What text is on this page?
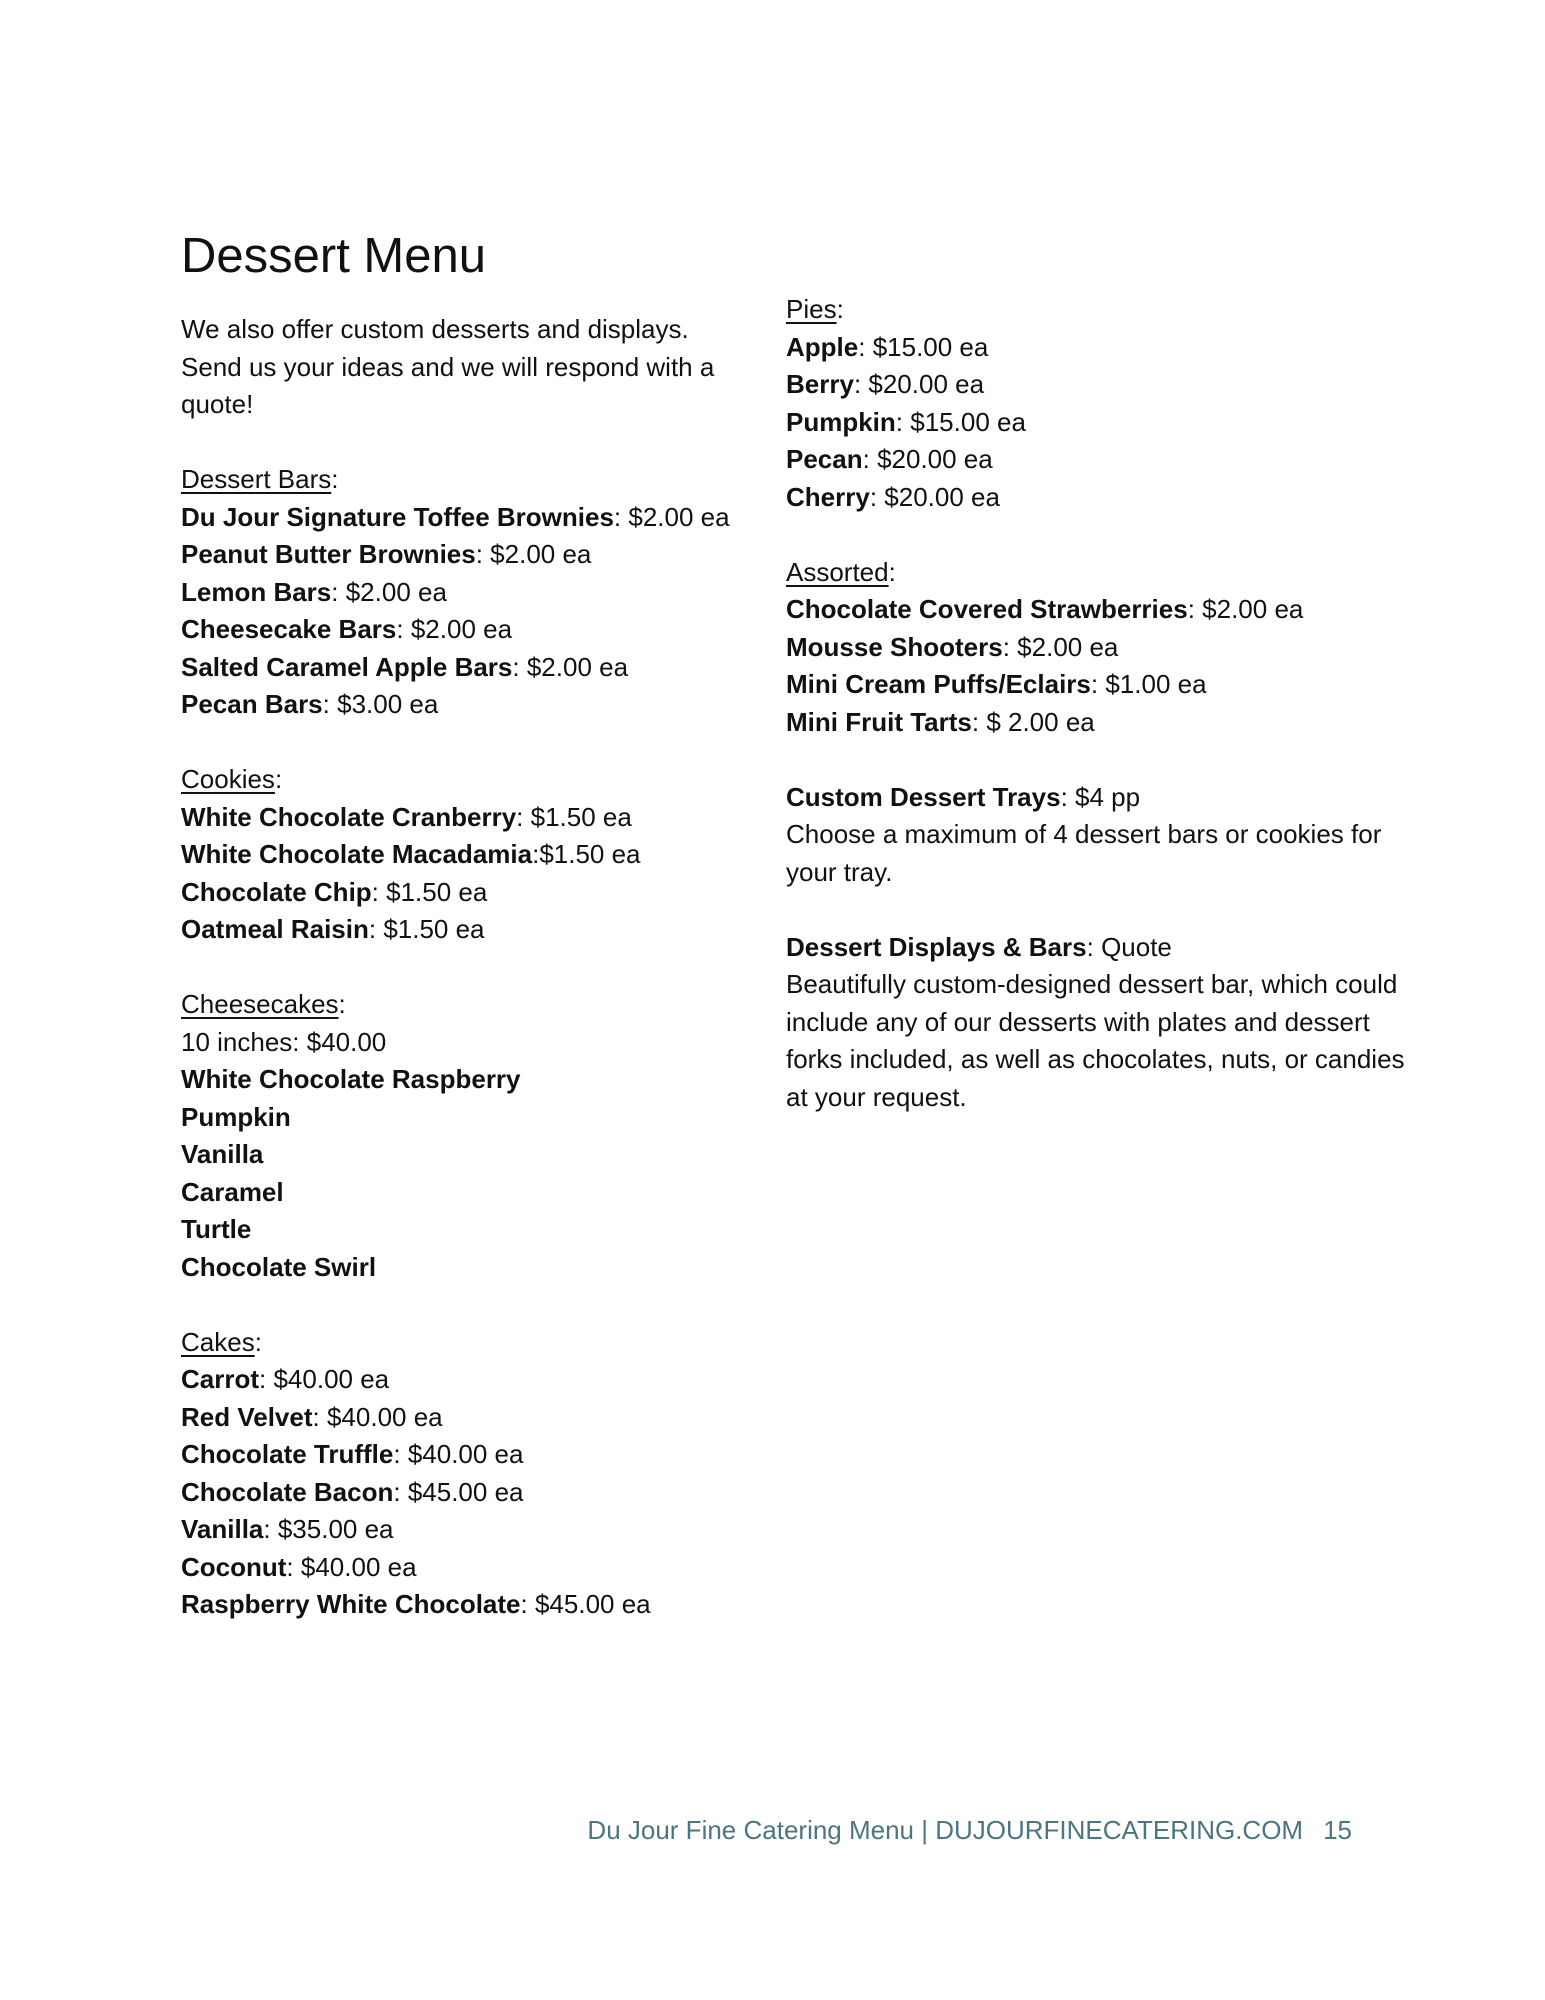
Dessert Menu

We also offer custom desserts and displays. Send us your ideas and we will respond with a quote!

Dessert Bars:
Du Jour Signature Toffee Brownies: $2.00 ea
Peanut Butter Brownies: $2.00 ea
Lemon Bars: $2.00 ea
Cheesecake Bars: $2.00 ea
Salted Caramel Apple Bars: $2.00 ea
Pecan Bars: $3.00 ea
Cookies:
White Chocolate Cranberry: $1.50 ea
White Chocolate Macadamia:$1.50 ea
Chocolate Chip: $1.50 ea
Oatmeal Raisin: $1.50 ea
Cheesecakes:
10 inches: $40.00
White Chocolate Raspberry
Pumpkin
Vanilla
Caramel
Turtle
Chocolate Swirl
Cakes:
Carrot: $40.00 ea
Red Velvet: $40.00 ea
Chocolate Truffle: $40.00 ea
Chocolate Bacon: $45.00 ea
Vanilla: $35.00 ea
Coconut: $40.00 ea
Raspberry White Chocolate: $45.00 ea
Pies:
Apple: $15.00 ea
Berry: $20.00 ea
Pumpkin: $15.00 ea
Pecan: $20.00 ea
Cherry: $20.00 ea
Assorted:
Chocolate Covered Strawberries: $2.00 ea
Mousse Shooters: $2.00 ea
Mini Cream Puffs/Eclairs: $1.00 ea
Mini Fruit Tarts: $ 2.00 ea
Custom Dessert Trays: $4 pp

Choose a maximum of 4 dessert bars or cookies for your tray.

Dessert Displays & Bars: Quote

Beautifully custom-designed dessert bar, which could include any of our desserts with plates and dessert forks included, as well as chocolates, nuts, or candies at your request.

Du Jour Fine Catering Menu | DUJOURFINECATERING.COM 15
